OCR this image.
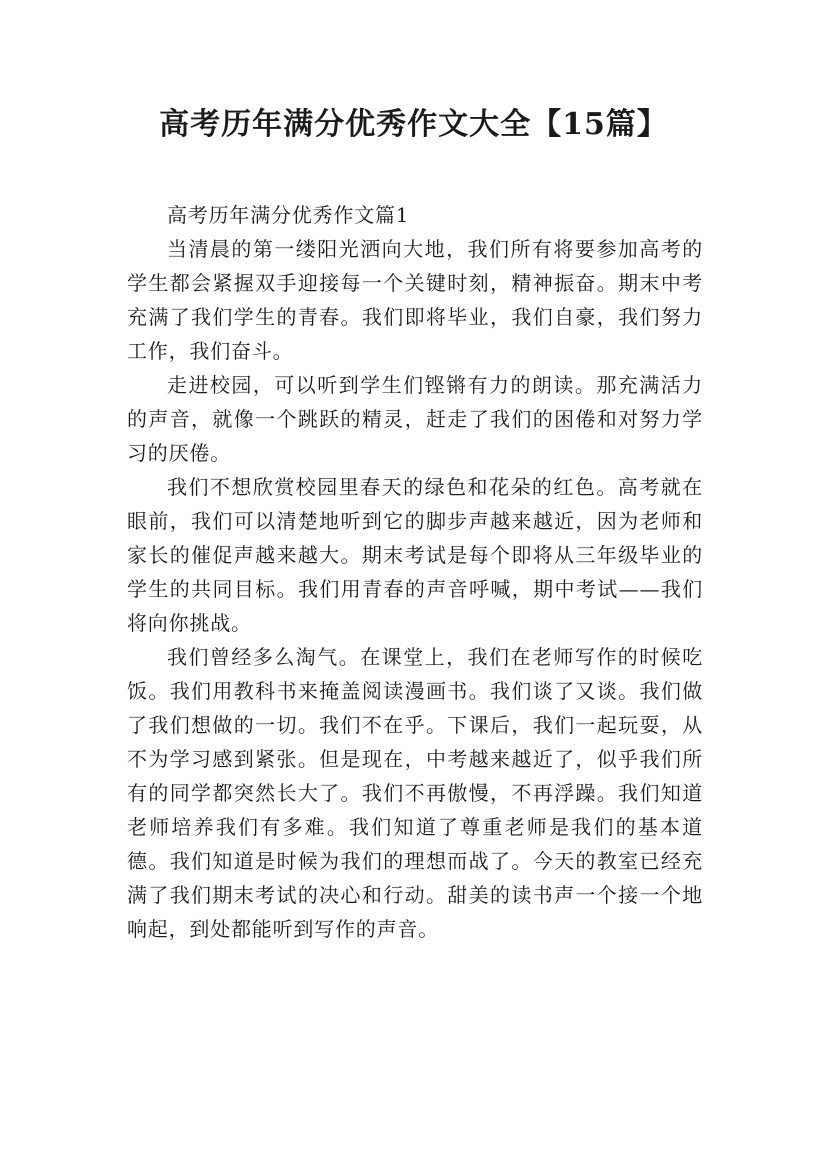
高考历年满分优秀作文大全【15篇】

高考历年满分优秀作文篇1

当清晨的第一缕阳光洒向大地，我们所有将要参加高考的学生都会紧握双手迎接每一个关键时刻，精神振奋。期末中考充满了我们学生的青春。我们即将毕业，我们自豪，我们努力工作，我们奋斗。

走进校园，可以听到学生们铿锵有力的朗读。那充满活力的声音，就像一个跳跃的精灵，赶走了我们的困倦和对努力学习的厌倦。

我们不想欣赏校园里春天的绿色和花朵的红色。高考就在眼前，我们可以清楚地听到它的脚步声越来越近，因为老师和家长的催促声越来越大。期末考试是每个即将从三年级毕业的学生的共同目标。我们用青春的声音呼喊，期中考试——我们将向你挑战。

我们曾经多么淘气。在课堂上，我们在老师写作的时候吃饭。我们用教科书来掩盖阅读漫画书。我们谈了又谈。我们做了我们想做的一切。我们不在乎。下课后，我们一起玩耍，从不为学习感到紧张。但是现在，中考越来越近了，似乎我们所有的同学都突然长大了。我们不再傲慢，不再浮躁。我们知道老师培养我们有多难。我们知道了尊重老师是我们的基本道德。我们知道是时候为我们的理想而战了。今天的教室已经充满了我们期末考试的决心和行动。甜美的读书声一个接一个地响起，到处都能听到写作的声音。
